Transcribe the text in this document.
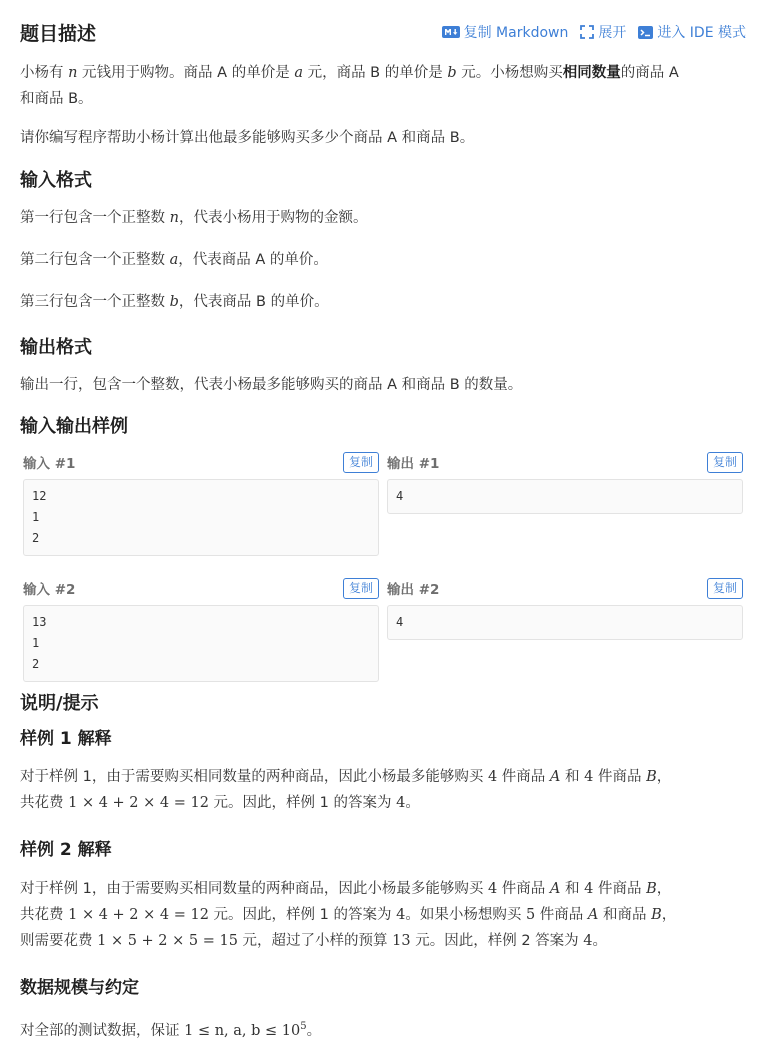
题目描述	复制 Markdown 展开 进入 IDE 模式

小杨有 n 元钱用于购物。商品 A 的单价是 a 元，商品 B 的单价是 b 元。小杨想购买相同数量的商品 A
和商品 B。

请你编写程序帮助小杨计算出他最多能够购买多少个商品 A 和商品 B。

输入格式

第一行包含一个正整数 n，代表小杨用于购物的金额。

第二行包含一个正整数 a，代表商品 A 的单价。

第三行包含一个正整数 b，代表商品 B 的单价。

输出格式

输出一行，包含一个整数，代表小杨最多能够购买的商品 A 和商品 B 的数量。

输入输出样例
输入 #1	复制
12
1
2
输出 #1	复制
4
输入 #2	复制
13
1
2
输出 #2	复制
4
说明/提示
样例 1 解释

对于样例 1，由于需要购买相同数量的两种商品，因此小杨最多能够购买 4 件商品 A 和 4 件商品 B，
共花费 1 × 4 + 2 × 4 = 12 元。因此，样例 1 的答案为 4。

样例 2 解释

对于样例 1，由于需要购买相同数量的两种商品，因此小杨最多能够购买 4 件商品 A 和 4 件商品 B，
共花费 1 × 4 + 2 × 4 = 12 元。因此，样例 1 的答案为 4。如果小杨想购买 5 件商品 A 和商品 B，
则需要花费 1 × 5 + 2 × 5 = 15 元，超过了小样的预算 13 元。因此，样例 2 答案为 4。

数据规模与约定

对全部的测试数据，保证 1 ≤ n, a, $b \le 10^5$。
